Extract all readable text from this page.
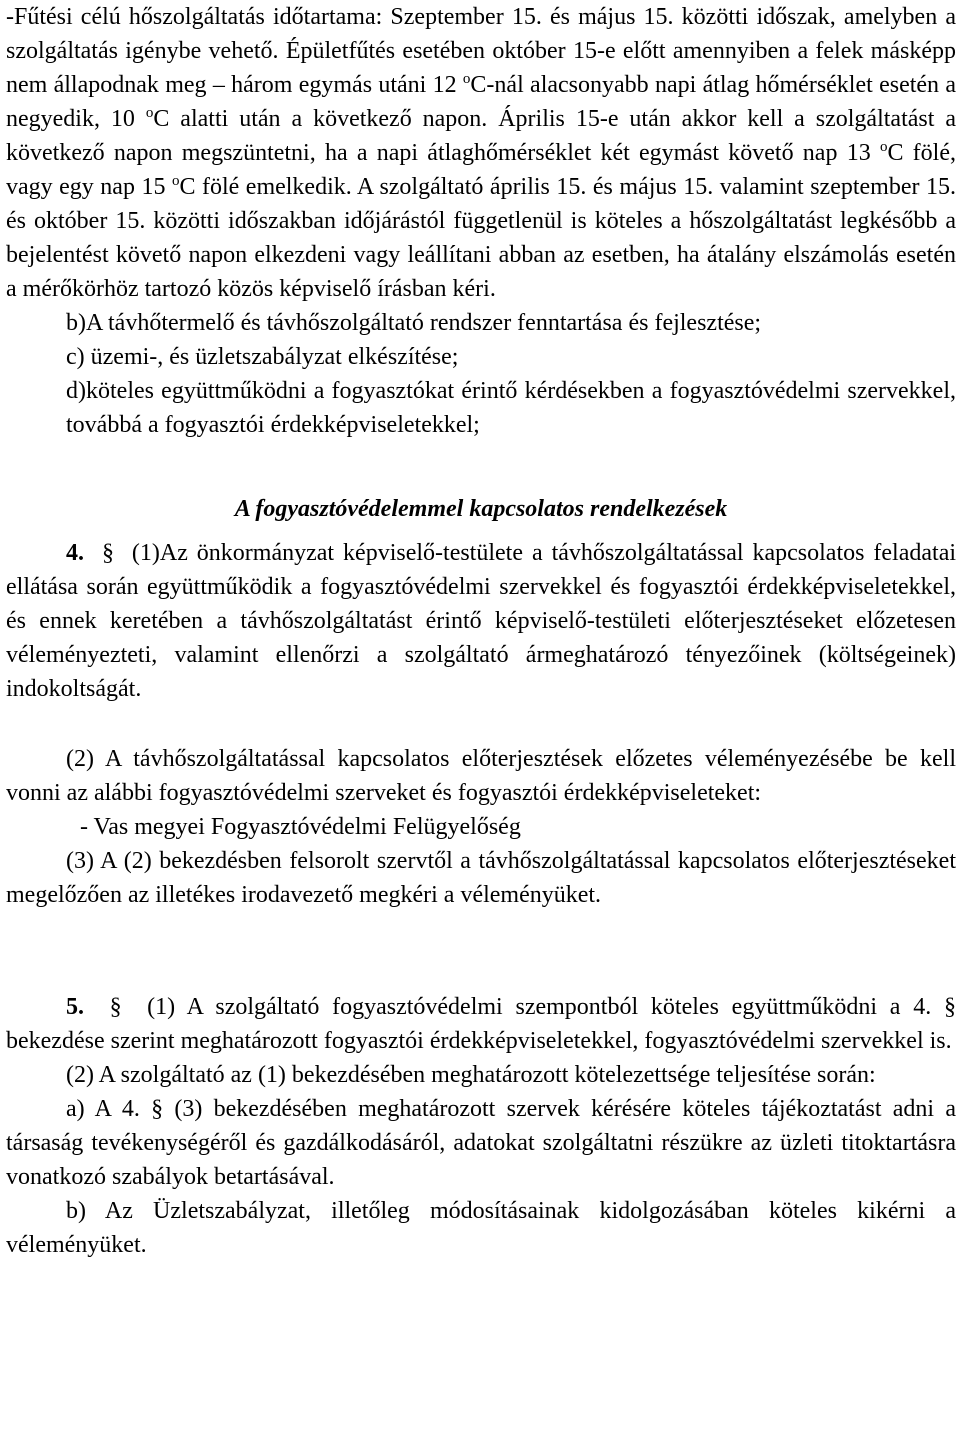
-Fűtési célú hőszolgáltatás időtartama: Szeptember 15. és május 15. közötti időszak, amelyben a szolgáltatás igénybe vehető. Épületfűtés esetében október 15-e előtt amennyiben a felek másképp nem állapodnak meg – három egymás utáni 12 $^o$C-nál alacsonyabb napi átlag hőmérséklet esetén a negyedik, 10 $^o$C alatti után a következő napon. Április 15-e után akkor kell a szolgáltatást a következő napon megszüntetni, ha a napi átlaghőmérséklet két egymást követő nap 13 $^o$C fölé, vagy egy nap 15 $^o$C fölé emelkedik. A szolgáltató április 15. és május 15. valamint szeptember 15. és október 15. közötti időszakban időjárástól függetlenül is köteles a hőszolgáltatást legkésőbb a bejelentést követő napon elkezdeni vagy leállítani abban az esetben, ha átalány elszámolás esetén a mérőkörhöz tartozó közös képviselő írásban kéri.

b)A távhőtermelő és távhőszolgáltató rendszer fenntartása és fejlesztése;

c) üzemi-, és üzletszabályzat elkészítése;

d)köteles együttműködni a fogyasztókat érintő kérdésekben a fogyasztóvédelmi szervekkel, továbbá a fogyasztói érdekképviseletekkel;

A fogyasztóvédelemmel kapcsolatos rendelkezések

4. § (1)Az önkormányzat képviselő-testülete a távhőszolgáltatással kapcsolatos feladatai ellátása során együttműködik a fogyasztóvédelmi szervekkel és fogyasztói érdekképviseletekkel, és ennek keretében a távhőszolgáltatást érintő képviselő-testületi előterjesztéseket előzetesen véleményezteti, valamint ellenőrzi a szolgáltató ármeghatározó tényezőinek (költségeinek) indokoltságát.

(2) A távhőszolgáltatással kapcsolatos előterjesztések előzetes véleményezésébe be kell vonni az alábbi fogyasztóvédelmi szerveket és fogyasztói érdekképviseleteket:

- Vas megyei Fogyasztóvédelmi Felügyelőség

(3) A (2) bekezdésben felsorolt szervtől a távhőszolgáltatással kapcsolatos előterjesztéseket megelőzően az illetékes irodavezető megkéri a véleményüket.

5. § (1) A szolgáltató fogyasztóvédelmi szempontból köteles együttműködni a 4. § bekezdése szerint meghatározott fogyasztói érdekképviseletekkel, fogyasztóvédelmi szervekkel is.

(2) A szolgáltató az (1) bekezdésében meghatározott kötelezettsége teljesítése során:

a) A 4. § (3) bekezdésében meghatározott szervek kérésére köteles tájékoztatást adni a társaság tevékenységéről és gazdálkodásáról, adatokat szolgáltatni részükre az üzleti titoktartásra vonatkozó szabályok betartásával.

b) Az Üzletszabályzat, illetőleg módosításainak kidolgozásában köteles kikérni a véleményüket.
